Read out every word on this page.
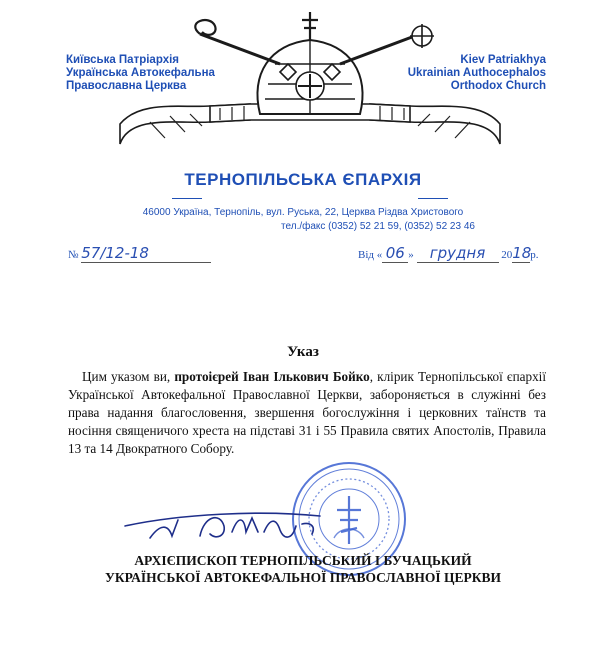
Київська Патріархія
Українська Автокефальна
Православна Церква
Kiev Patriakhya
Ukrainian Authocephalos
Orthodox Church
ТЕРНОПІЛЬСЬКА ЄПАРХІЯ
46000 Україна, Тернопіль, вул. Руська, 22, Церква Різдва Христового
тел./факс (0352) 52 21 59, (0352) 52 23 46
№ 57/12-18	Від « 06 » грудня 2018р.
Указ
Цим указом ви, протоієрей Іван Ількович Бойко, клірик Тернопільської єпархії Української Автокефальної Православної Церкви, забороняється в служінні без права надання благословення, звершення богослужіння і церковних таїнств та носіння священичого хреста на підставі 31 і 55 Правила святих Апостолів, Правила 13 та 14 Двократного Собору.
АРХІЄПИСКОП ТЕРНОПІЛЬСЬКИЙ І БУЧАЦЬКИЙ
УКРАЇНСЬКОЇ АВТОКЕФАЛЬНОЇ ПРАВОСЛАВНОЇ ЦЕРКВИ
